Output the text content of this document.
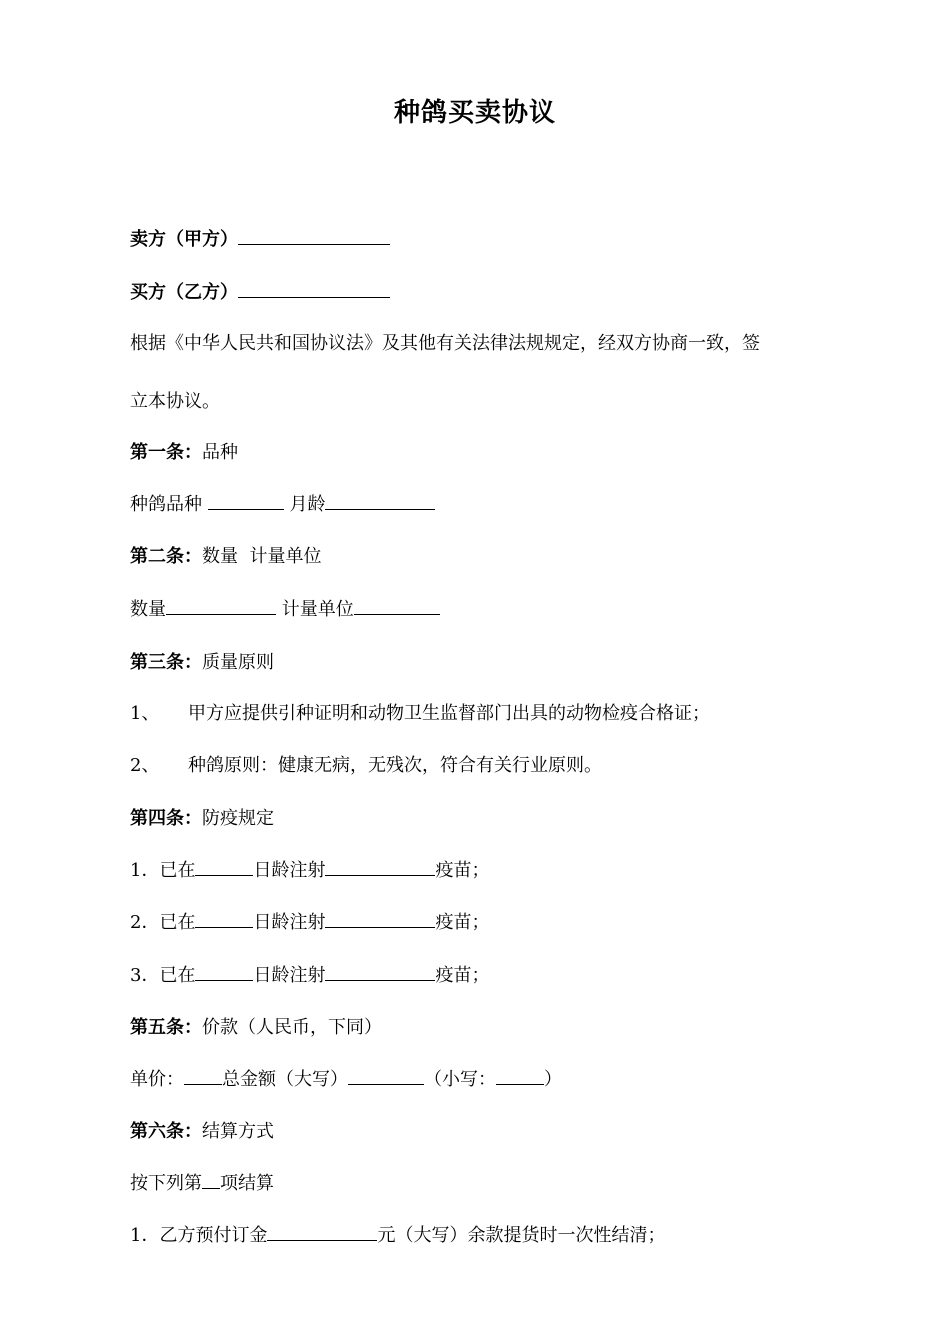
种鸽买卖协议
卖方（甲方）
买方（乙方）
根据《中华人民共和国协议法》及其他有关法律法规规定，经双方协商一致，签
立本协议。
第一条：品种
种鸽品种	月龄
第二条：数量  计量单位
数量	计量单位
第三条：质量原则
1、 甲方应提供引种证明和动物卫生监督部门出具的动物检疫合格证；
2、 种鸽原则：健康无病，无残次，符合有关行业原则。
第四条：防疫规定
1．已在	日龄注射	疫苗；
2．已在	日龄注射	疫苗；
3．已在	日龄注射	疫苗；
第五条：价款（人民币，下同）
单价： 总金额（大写）	（小写：	）
第六条：结算方式
按下列第 项结算
1．乙方预付订金	元（大写）余款提货时一次性结清；
